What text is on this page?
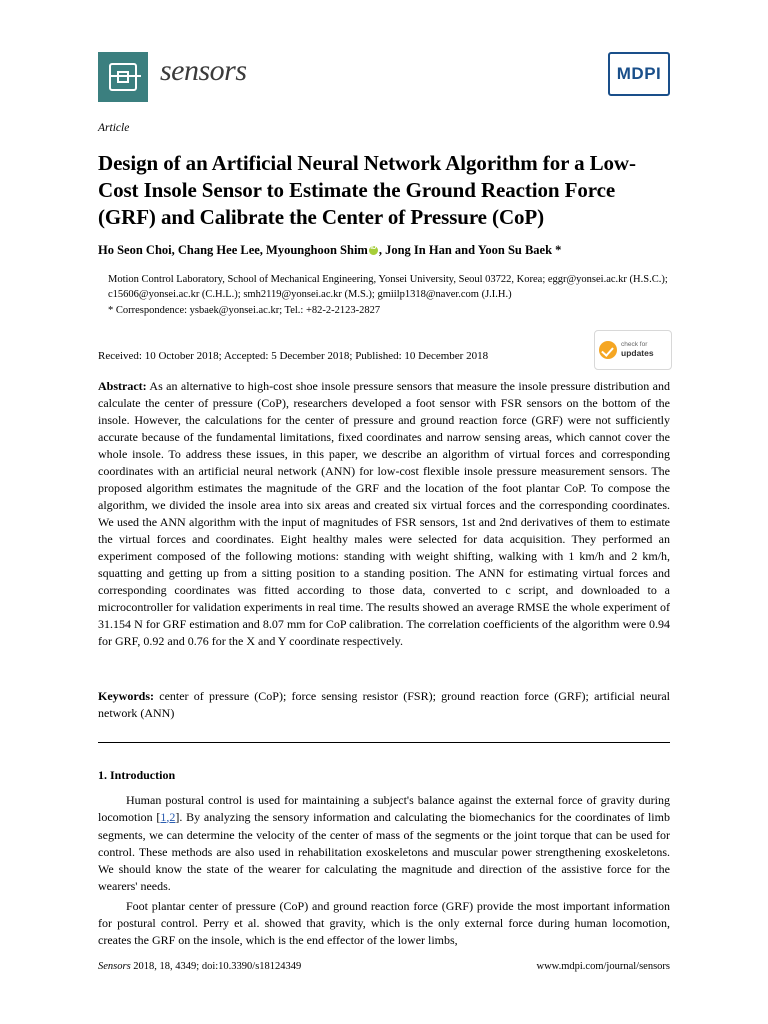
sensors	MDPI
Article
Design of an Artificial Neural Network Algorithm for a Low-Cost Insole Sensor to Estimate the Ground Reaction Force (GRF) and Calibrate the Center of Pressure (CoP)
Ho Seon Choi, Chang Hee Lee, Myounghoon Shim iD , Jong In Han and Yoon Su Baek *
Motion Control Laboratory, School of Mechanical Engineering, Yonsei University, Seoul 03722, Korea; eggr@yonsei.ac.kr (H.S.C.); c15606@yonsei.ac.kr (C.H.L.); smh2119@yonsei.ac.kr (M.S.); gmiilp1318@naver.com (J.I.H.)
* Correspondence: ysbaek@yonsei.ac.kr; Tel.: +82-2-2123-2827
Received: 10 October 2018; Accepted: 5 December 2018; Published: 10 December 2018
check for
updates
Abstract: As an alternative to high-cost shoe insole pressure sensors that measure the insole pressure distribution and calculate the center of pressure (CoP), researchers developed a foot sensor with FSR sensors on the bottom of the insole. However, the calculations for the center of pressure and ground reaction force (GRF) were not sufficiently accurate because of the fundamental limitations, fixed coordinates and narrow sensing areas, which cannot cover the whole insole. To address these issues, in this paper, we describe an algorithm of virtual forces and corresponding coordinates with an artificial neural network (ANN) for low-cost flexible insole pressure measurement sensors. The proposed algorithm estimates the magnitude of the GRF and the location of the foot plantar CoP. To compose the algorithm, we divided the insole area into six areas and created six virtual forces and the corresponding coordinates. We used the ANN algorithm with the input of magnitudes of FSR sensors, 1st and 2nd derivatives of them to estimate the virtual forces and coordinates. Eight healthy males were selected for data acquisition. They performed an experiment composed of the following motions: standing with weight shifting, walking with 1 km/h and 2 km/h, squatting and getting up from a sitting position to a standing position. The ANN for estimating virtual forces and corresponding coordinates was fitted according to those data, converted to c script, and downloaded to a microcontroller for validation experiments in real time. The results showed an average RMSE the whole experiment of 31.154 N for GRF estimation and 8.07 mm for CoP calibration. The correlation coefficients of the algorithm were 0.94 for GRF, 0.92 and 0.76 for the X and Y coordinate respectively.
Keywords: center of pressure (CoP); force sensing resistor (FSR); ground reaction force (GRF); artificial neural network (ANN)
1. Introduction

Human postural control is used for maintaining a subject's balance against the external force of gravity during locomotion [1,2]. By analyzing the sensory information and calculating the biomechanics for the coordinates of limb segments, we can determine the velocity of the center of mass of the segments or the joint torque that can be used for control. These methods are also used in rehabilitation exoskeletons and muscular power strengthening exoskeletons. We should know the state of the wearer for calculating the magnitude and direction of the assistive force for the wearers' needs.

Foot plantar center of pressure (CoP) and ground reaction force (GRF) provide the most important information for postural control. Perry et al. showed that gravity, which is the only external force during human locomotion, creates the GRF on the insole, which is the end effector of the lower limbs,

Sensors 2018, 18, 4349; doi:10.3390/s18124349	www.mdpi.com/journal/sensors
